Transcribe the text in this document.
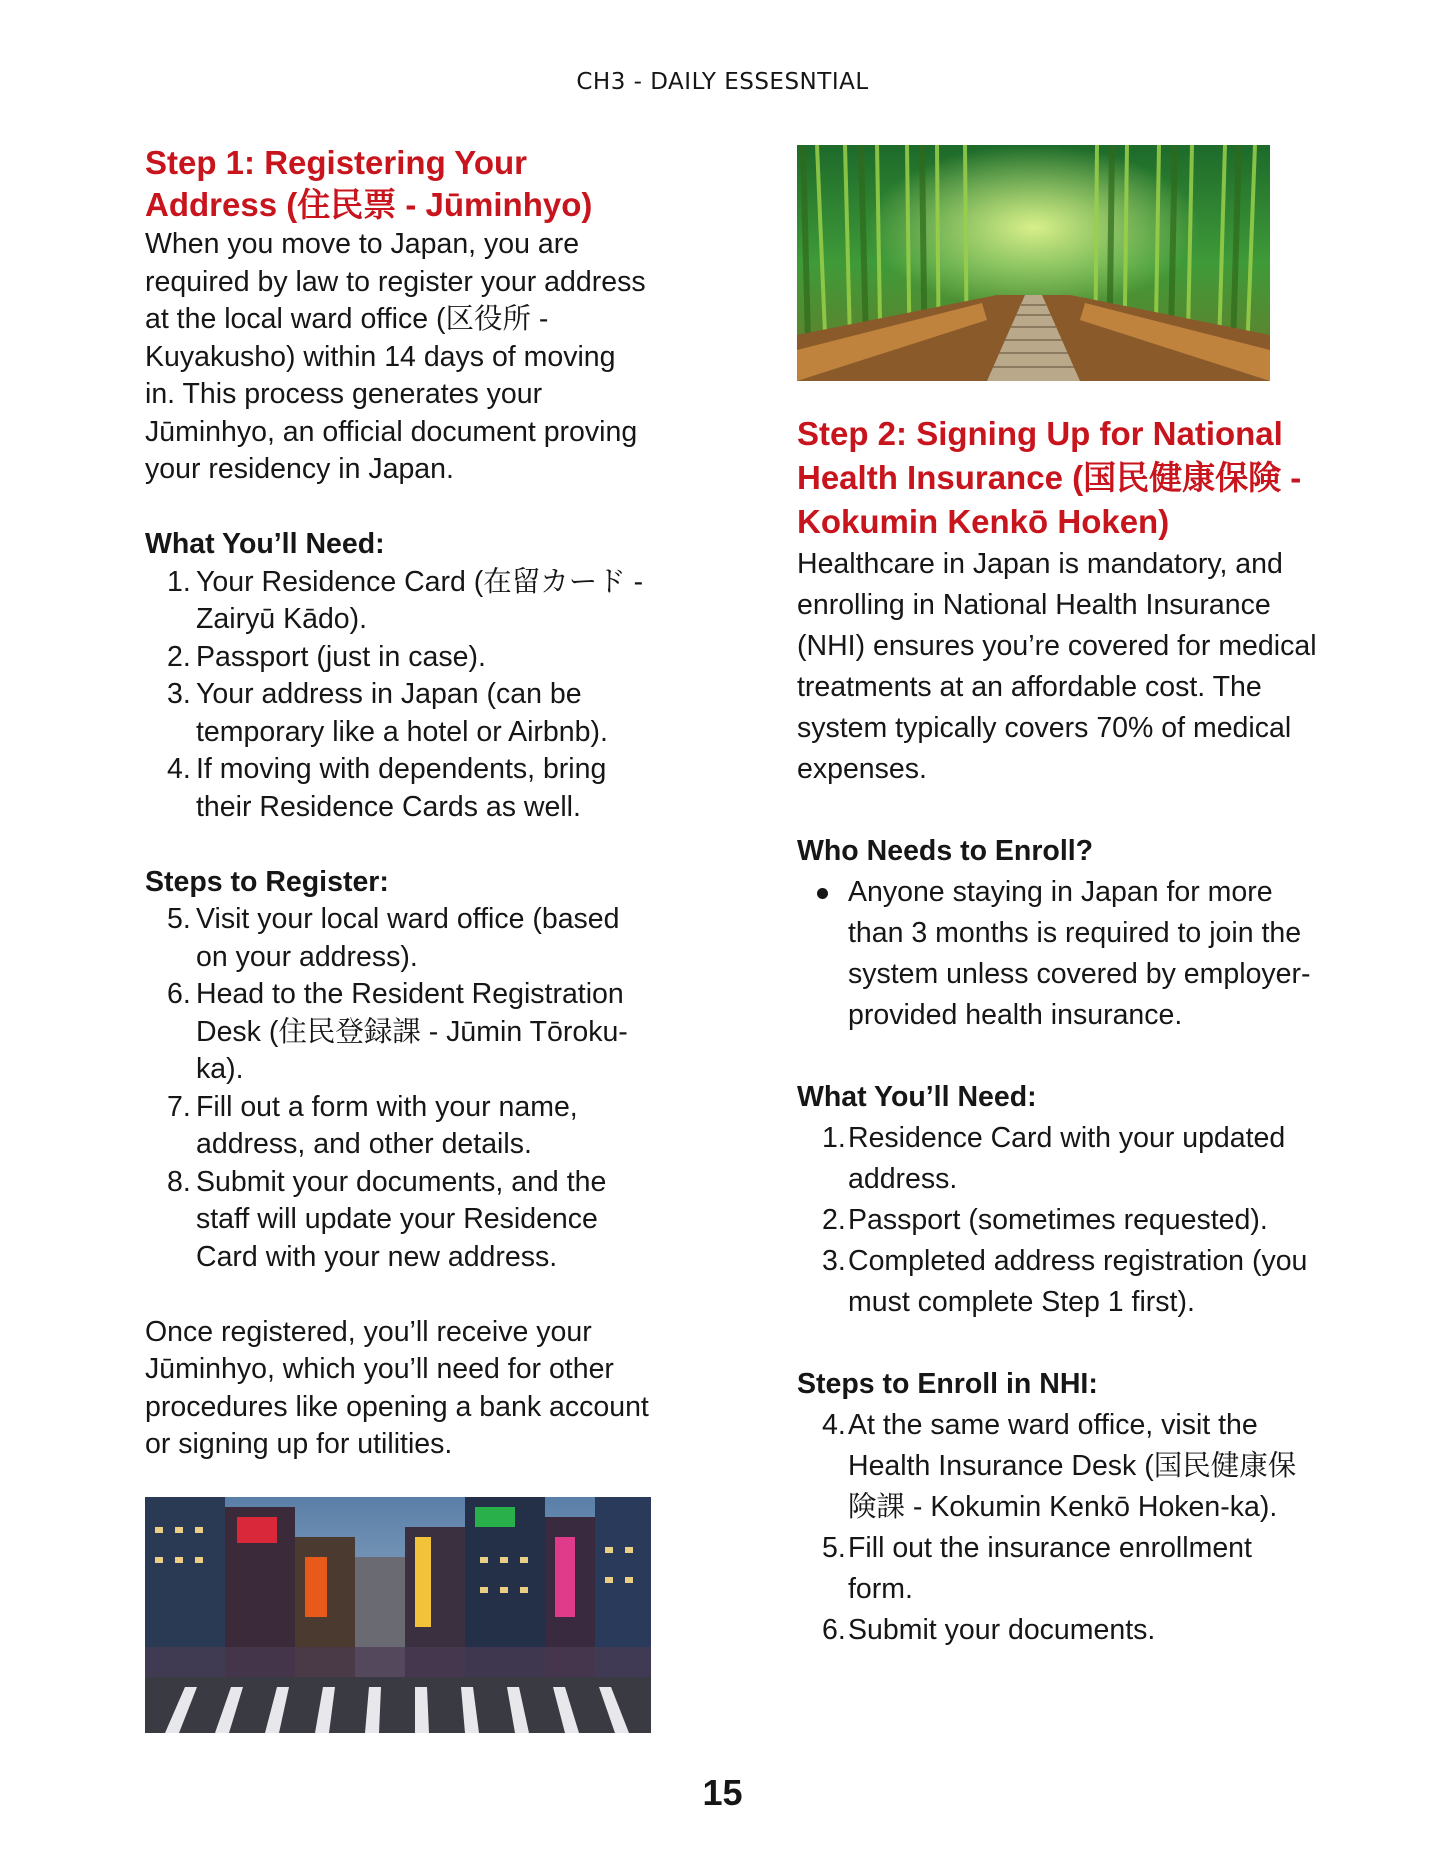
CH3 - DAILY ESSESNTIAL
Step 1: Registering Your Address (住民票 - Jūminhyo)

When you move to Japan, you are required by law to register your address at the local ward office (区役所 - Kuyakusho) within 14 days of moving in. This process generates your Jūminhyo, an official document proving your residency in Japan.

What You’ll Need:

1. Your Residence Card (在留カード - Zairyū Kādo).
2. Passport (just in case).
3. Your address in Japan (can be temporary like a hotel or Airbnb).
4. If moving with dependents, bring their Residence Cards as well.

Steps to Register:

5. Visit your local ward office (based on your address).
6. Head to the Resident Registration Desk (住民登録課 - Jūmin Tōroku-ka).
7. Fill out a form with your name, address, and other details.
8. Submit your documents, and the staff will update your Residence Card with your new address.

Once registered, you’ll receive your Jūminhyo, which you’ll need for other procedures like opening a bank account or signing up for utilities.

Step 2: Signing Up for National Health Insurance (国民健康保険 - Kokumin Kenkō Hoken)

Healthcare in Japan is mandatory, and enrolling in National Health Insurance (NHI) ensures you’re covered for medical treatments at an affordable cost. The system typically covers 70% of medical expenses.

Who Needs to Enroll?

Anyone staying in Japan for more than 3 months is required to join the system unless covered by employer-provided health insurance.

What You’ll Need:

1. Residence Card with your updated address.
2. Passport (sometimes requested).
3. Completed address registration (you must complete Step 1 first).

Steps to Enroll in NHI:

4. At the same ward office, visit the Health Insurance Desk (国民健康保険課 - Kokumin Kenkō Hoken-ka).
5. Fill out the insurance enrollment form.
6. Submit your documents.
15
